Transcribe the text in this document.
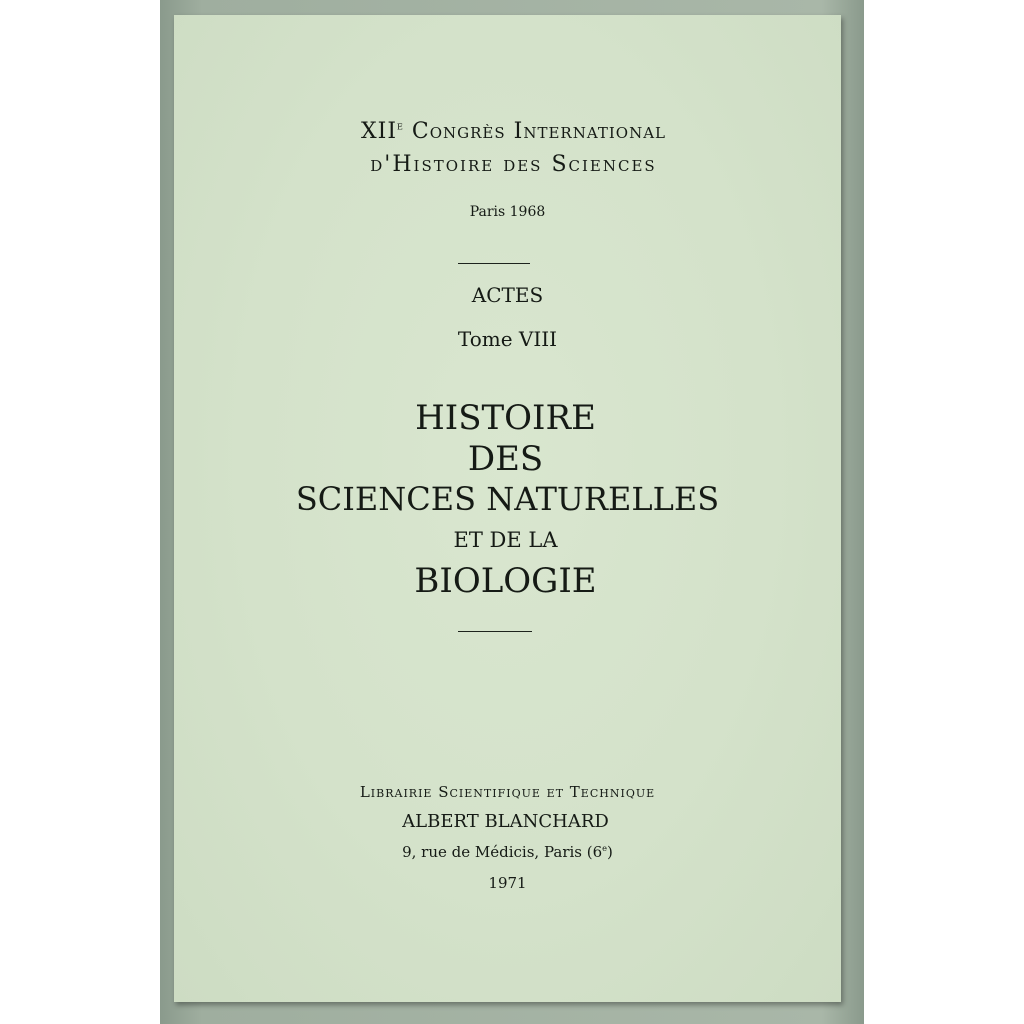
XIIe Congrès International
d'Histoire des Sciences
Paris 1968
ACTES
Tome VIII
HISTOIRE
DES
SCIENCES NATURELLES
ET DE LA
BIOLOGIE
Librairie Scientifique et Technique
ALBERT BLANCHARD
9, rue de Médicis, Paris (6e)
1971
